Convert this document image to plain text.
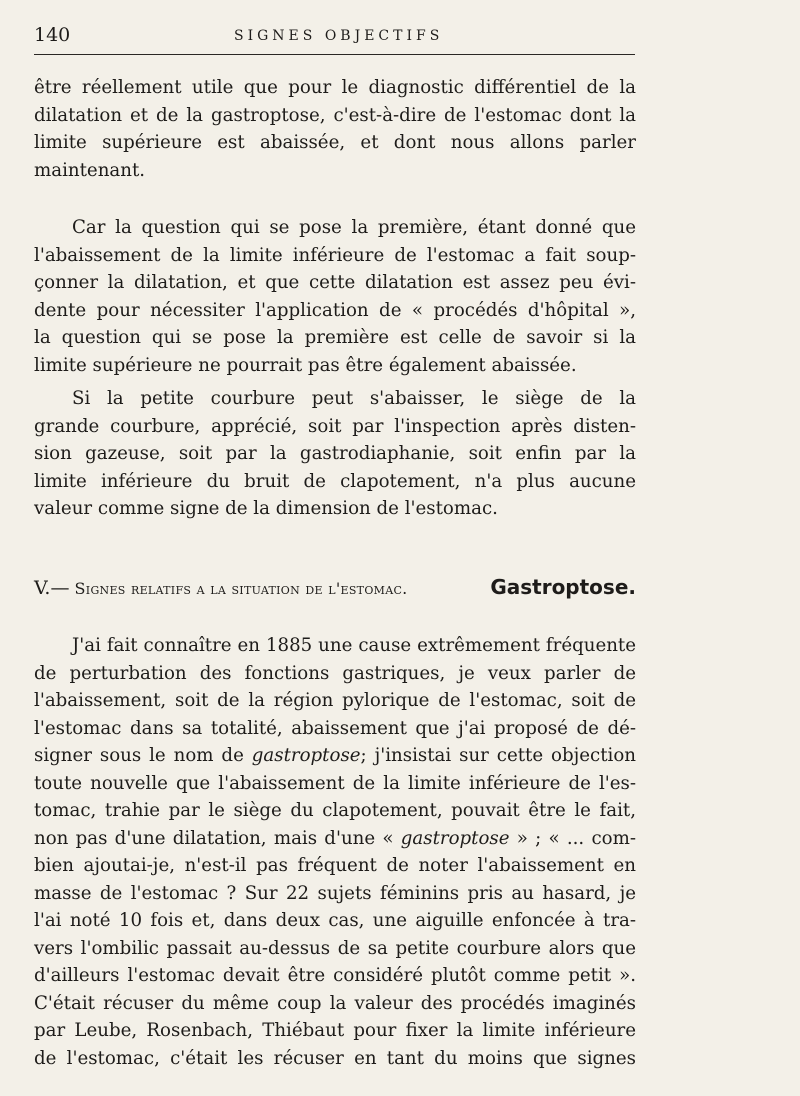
140	SIGNES OBJECTIFS
être réellement utile que pour le diagnostic différentiel de la
dilatation et de la gastroptose, c'est-à-dire de l'estomac dont la
limite supérieure est abaissée, et dont nous allons parler
maintenant.
Car la question qui se pose la première, étant donné que
l'abaissement de la limite inférieure de l'estomac a fait soup-
çonner la dilatation, et que cette dilatation est assez peu évi-
dente pour nécessiter l'application de « procédés d'hôpital »,
la question qui se pose la première est celle de savoir si la
limite supérieure ne pourrait pas être également abaissée.
Si la petite courbure peut s'abaisser, le siège de la
grande courbure, apprécié, soit par l'inspection après disten-
sion gazeuse, soit par la gastrodiaphanie, soit enfin par la
limite inférieure du bruit de clapotement, n'a plus aucune
valeur comme signe de la dimension de l'estomac.
V.— Signes relatifs a la situation de l'estomac.	Gastroptose.
J'ai fait connaître en 1885 une cause extrêmement fréquente
de perturbation des fonctions gastriques, je veux parler de
l'abaissement, soit de la région pylorique de l'estomac, soit de
l'estomac dans sa totalité, abaissement que j'ai proposé de dé-
signer sous le nom de gastroptose; j'insistai sur cette objection
toute nouvelle que l'abaissement de la limite inférieure de l'es-
tomac, trahie par le siège du clapotement, pouvait être le fait,
non pas d'une dilatation, mais d'une « gastroptose » ; « ... com-
bien ajoutai-je, n'est-il pas fréquent de noter l'abaissement en
masse de l'estomac ? Sur 22 sujets féminins pris au hasard, je
l'ai noté 10 fois et, dans deux cas, une aiguille enfoncée à tra-
vers l'ombilic passait au-dessus de sa petite courbure alors que
d'ailleurs l'estomac devait être considéré plutôt comme petit ».
C'était récuser du même coup la valeur des procédés imaginés
par Leube, Rosenbach, Thiébaut pour fixer la limite inférieure
de l'estomac, c'était les récuser en tant du moins que signes
